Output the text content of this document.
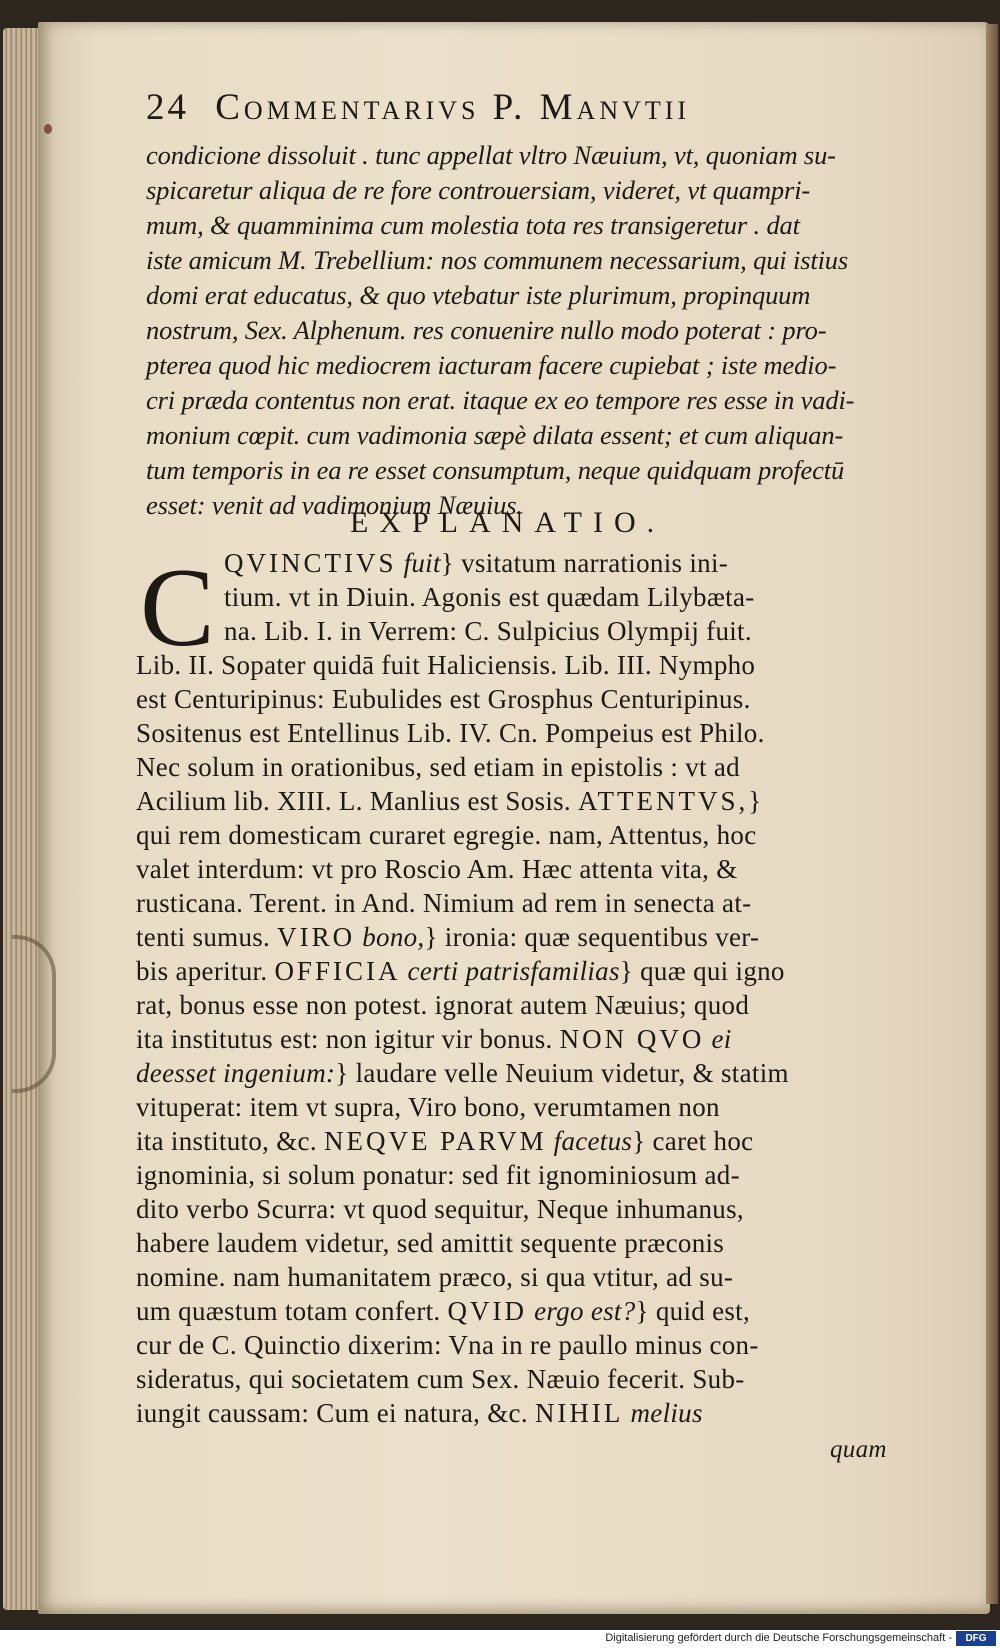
24 Commentarivs P. Manvtii
condicione dissoluit . tunc appellat vltro Næuium, vt, quoniam su-
spicaretur aliqua de re fore controuersiam, videret, vt quampri-
mum, & quamminima cum molestia tota res transigeretur . dat
iste amicum M. Trebellium: nos communem necessarium, qui istius
domi erat educatus, & quo vtebatur iste plurimum, propinquum
nostrum, Sex. Alphenum. res conuenire nullo modo poterat : pro-
pterea quod hic mediocrem iacturam facere cupiebat ; iste medio-
cri præda contentus non erat. itaque ex eo tempore res esse in vadi-
monium cœpit. cum vadimonia sæpè dilata essent; et cum aliquan-
tum temporis in ea re esset consumptum, neque quidquam profectū
esset: venit ad vadimonium Næuius.
EXPLANATIO.
C QVINCTIVS fuit} vsitatum narrationis ini-
tium. vt in Diuin. Agonis est quædam Lilybæta-
na. Lib. I. in Verrem: C. Sulpicius Olympij fuit.
Lib. II. Sopater quidā fuit Haliciensis. Lib. III. Nympho
est Centuripinus: Eubulides est Grosphus Centuripinus.
Sositenus est Entellinus Lib. IV. Cn. Pompeius est Philo.
Nec solum in orationibus, sed etiam in epistolis : vt ad
Acilium lib. XIII. L. Manlius est Sosis. ATTENTVS,}
qui rem domesticam curaret egregie. nam, Attentus, hoc
valet interdum: vt pro Roscio Am. Hæc attenta vita, &
rusticana. Terent. in And. Nimium ad rem in senecta at-
tenti sumus. VIRO bono,} ironia: quæ sequentibus ver-
bis aperitur. OFFICIA certi patrisfamilias} quæ qui igno
rat, bonus esse non potest. ignorat autem Næuius; quod
ita institutus est: non igitur vir bonus. NON QVO ei
deesset ingenium:} laudare velle Neuium videtur, & statim
vituperat: item vt supra, Viro bono, verumtamen non
ita instituto, &c. NEQVE PARVM facetus} caret hoc
ignominia, si solum ponatur: sed fit ignominiosum ad-
dito verbo Scurra: vt quod sequitur, Neque inhumanus,
habere laudem videtur, sed amittit sequente præconis
nomine. nam humanitatem præco, si qua vtitur, ad su-
um quæstum totam confert. QVID ergo est?} quid est,
cur de C. Quinctio dixerim: Vna in re paullo minus con-
sideratus, qui societatem cum Sex. Næuio fecerit. Sub-
iungit caussam: Cum ei natura, &c. NIHIL melius
quam
Digitalisierung gefördert durch die Deutsche Forschungsgemeinschaft -	DFG
